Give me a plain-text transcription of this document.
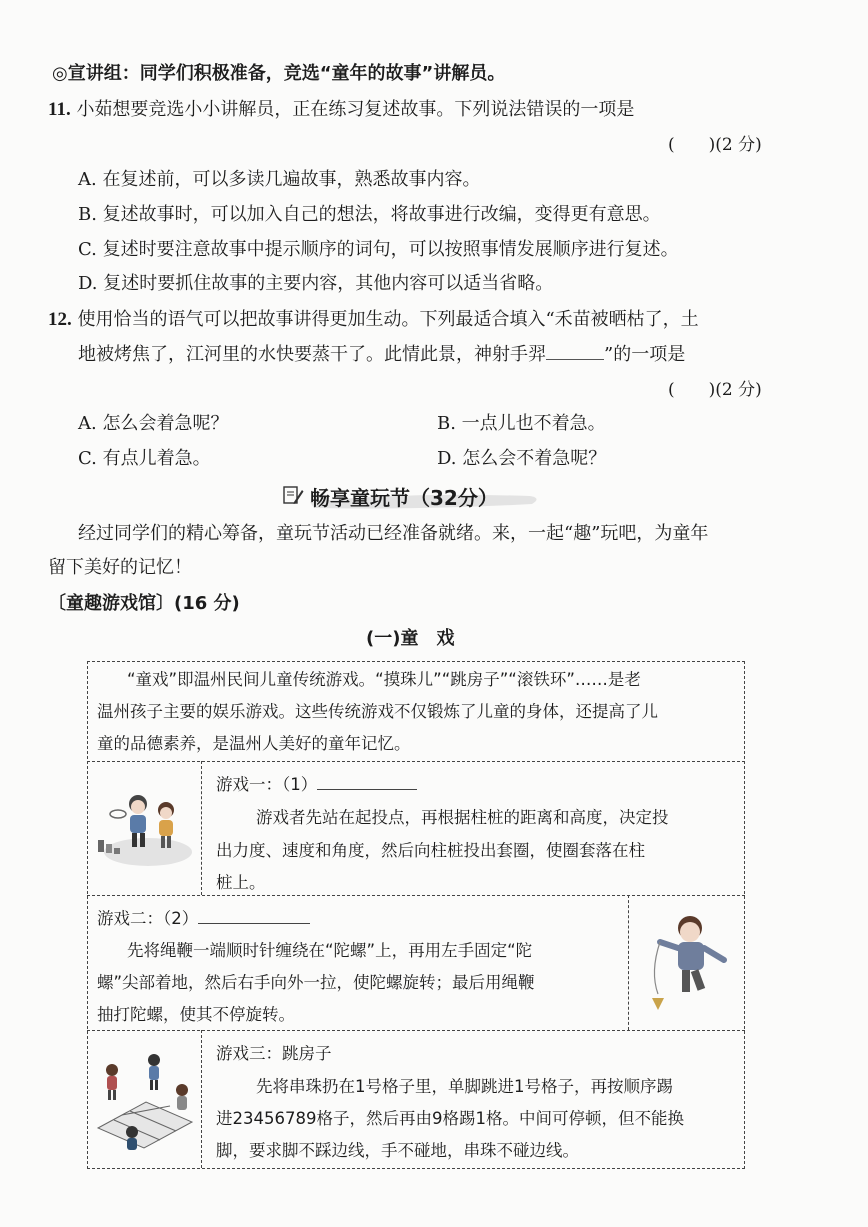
◎宣讲组：同学们积极准备，竞选“童年的故事”讲解员。
11. 小茹想要竞选小小讲解员，正在练习复述故事。下列说法错误的一项是
(　　)(2 分)
A. 在复述前，可以多读几遍故事，熟悉故事内容。
B. 复述故事时，可以加入自己的想法，将故事进行改编，变得更有意思。
C. 复述时要注意故事中提示顺序的词句，可以按照事情发展顺序进行复述。
D. 复述时要抓住故事的主要内容，其他内容可以适当省略。
12. 使用恰当的语气可以把故事讲得更加生动。下列最适合填入“禾苗被晒枯了，土
地被烤焦了，江河里的水快要蒸干了。此情此景，神射手羿	”的一项是
(　　)(2 分)
A. 怎么会着急呢？	B. 一点儿也不着急。
C. 有点儿着急。	D. 怎么会不着急呢？
畅享童玩节（32分）
经过同学们的精心筹备，童玩节活动已经准备就绪。来，一起“趣”玩吧，为童年
留下美好的记忆！
〔童趣游戏馆〕(16 分)
(一)童　戏
“童戏”即温州民间儿童传统游戏。“摸珠儿”“跳房子”“滚铁环”……是老
温州孩子主要的娱乐游戏。这些传统游戏不仅锻炼了儿童的身体，还提高了儿
童的品德素养，是温州人美好的童年记忆。
游戏一：（1）
游戏者先站在起投点，再根据柱桩的距离和高度，决定投
出力度、速度和角度，然后向柱桩投出套圈，使圈套落在柱
桩上。
游戏二：（2）
先将绳鞭一端顺时针缠绕在“陀螺”上，再用左手固定“陀
螺”尖部着地，然后右手向外一拉，使陀螺旋转；最后用绳鞭
抽打陀螺，使其不停旋转。
游戏三：跳房子
先将串珠扔在1号格子里，单脚跳进1号格子，再按顺序踢
进23456789格子，然后再由9格踢1格。中间可停顿，但不能换
脚，要求脚不踩边线，手不碰地，串珠不碰边线。
